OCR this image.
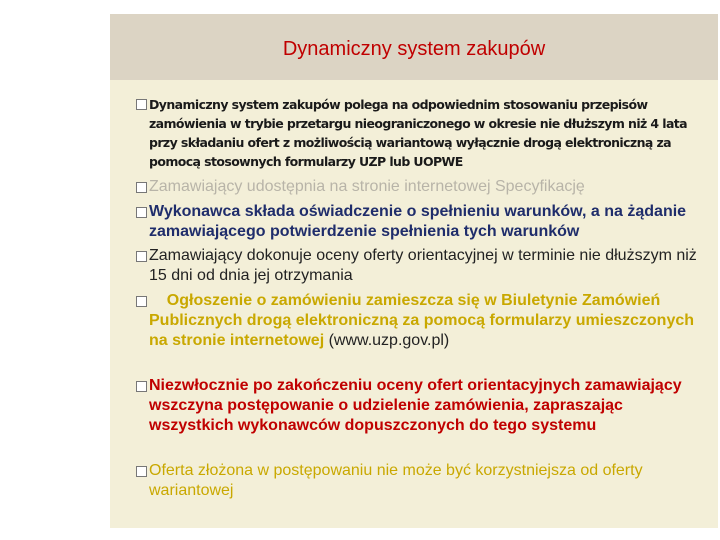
Dynamiczny system zakupów
Dynamiczny system zakupów polega na odpowiednim stosowaniu przepisów zamówienia w trybie przetargu nieograniczonego w okresie nie dłuższym niż 4 lata przy składaniu ofert z możliwością wariantową wyłącznie drogą elektroniczną za pomocą stosownych formularzy UZP lub UOPWE
Zamawiający udostępnia na stronie internetowej Specyfikację
Wykonawca składa oświadczenie o spełnieniu warunków, a na żądanie zamawiającego potwierdzenie spełnienia tych warunków
Zamawiający dokonuje oceny oferty orientacyjnej w terminie nie dłuższym niż 15 dni od dnia jej otrzymania
Ogłoszenie o zamówieniu zamieszcza się w Biuletynie Zamówień Publicznych drogą elektroniczną za pomocą formularzy umieszczonych na stronie internetowej (www.uzp.gov.pl)
Niezwłocznie po zakończeniu oceny ofert orientacyjnych zamawiający wszczyna postępowanie o udzielenie zamówienia, zapraszając wszystkich wykonawców dopuszczonych do tego systemu
Oferta złożona w postępowaniu nie może być korzystniejsza od oferty wariantowej
